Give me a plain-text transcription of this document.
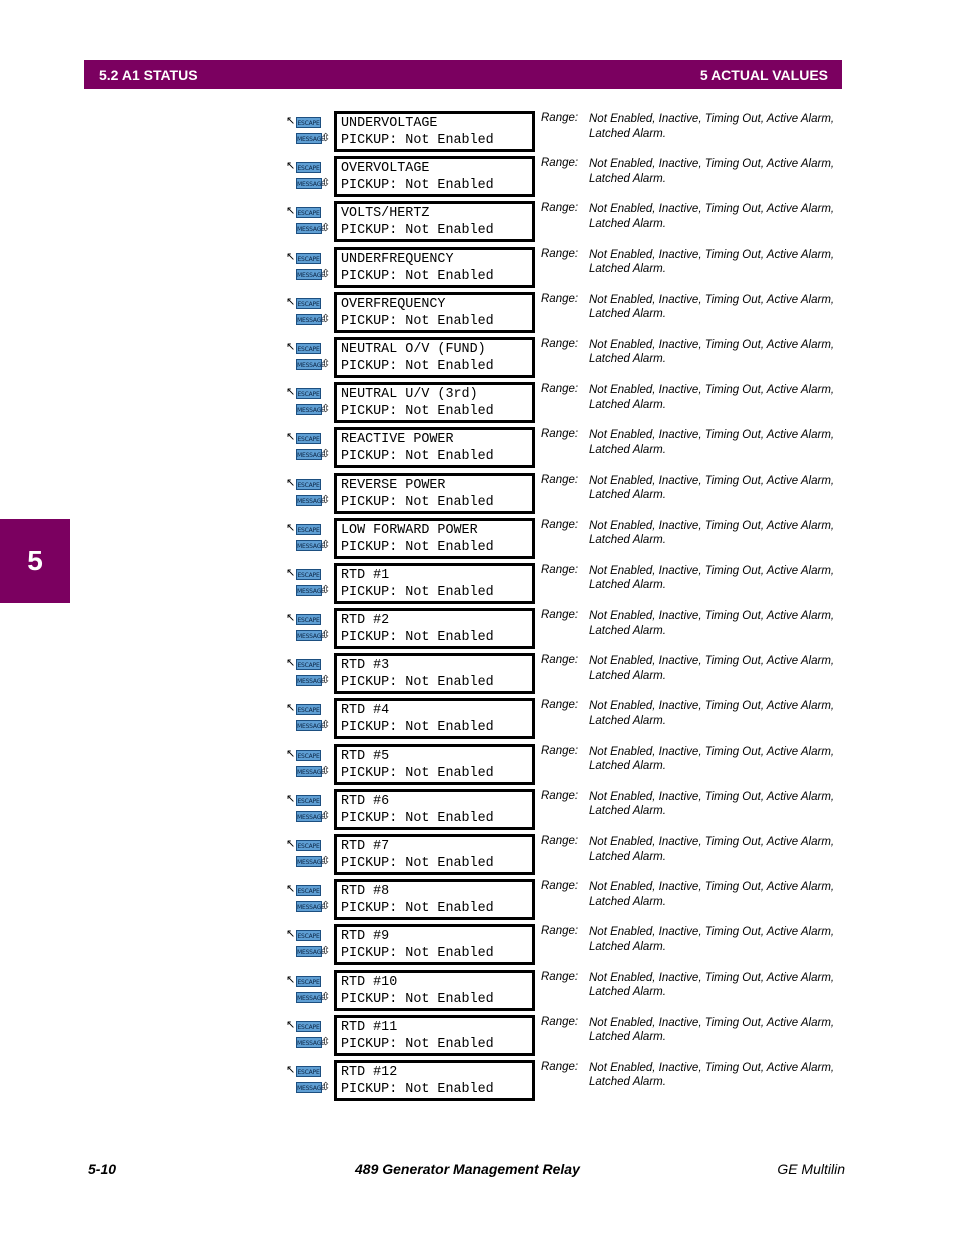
5.2 A1 STATUS	5 ACTUAL VALUES
5
↖ ESCAPE
MESSAGE
⇳
UNDERVOLTAGE
PICKUP: Not Enabled
Range: Not Enabled, Inactive, Timing Out, Active Alarm, Latched Alarm.
↖ ESCAPE
MESSAGE
⇳
OVERVOLTAGE
PICKUP: Not Enabled
Range: Not Enabled, Inactive, Timing Out, Active Alarm, Latched Alarm.
↖ ESCAPE
MESSAGE
⇳
VOLTS/HERTZ
PICKUP: Not Enabled
Range: Not Enabled, Inactive, Timing Out, Active Alarm, Latched Alarm.
↖ ESCAPE
MESSAGE
⇳
UNDERFREQUENCY
PICKUP: Not Enabled
Range: Not Enabled, Inactive, Timing Out, Active Alarm, Latched Alarm.
↖ ESCAPE
MESSAGE
⇳
OVERFREQUENCY
PICKUP: Not Enabled
Range: Not Enabled, Inactive, Timing Out, Active Alarm, Latched Alarm.
↖ ESCAPE
MESSAGE
⇳
NEUTRAL O/V (FUND)
PICKUP: Not Enabled
Range: Not Enabled, Inactive, Timing Out, Active Alarm, Latched Alarm.
↖ ESCAPE
MESSAGE
⇳
NEUTRAL U/V (3rd)
PICKUP: Not Enabled
Range: Not Enabled, Inactive, Timing Out, Active Alarm, Latched Alarm.
↖ ESCAPE
MESSAGE
⇳
REACTIVE POWER
PICKUP: Not Enabled
Range: Not Enabled, Inactive, Timing Out, Active Alarm, Latched Alarm.
↖ ESCAPE
MESSAGE
⇳
REVERSE POWER
PICKUP: Not Enabled
Range: Not Enabled, Inactive, Timing Out, Active Alarm, Latched Alarm.
↖ ESCAPE
MESSAGE
⇳
LOW FORWARD POWER
PICKUP: Not Enabled
Range: Not Enabled, Inactive, Timing Out, Active Alarm, Latched Alarm.
↖ ESCAPE
MESSAGE
⇳
RTD #1
PICKUP: Not Enabled
Range: Not Enabled, Inactive, Timing Out, Active Alarm, Latched Alarm.
↖ ESCAPE
MESSAGE
⇳
RTD #2
PICKUP: Not Enabled
Range: Not Enabled, Inactive, Timing Out, Active Alarm, Latched Alarm.
↖ ESCAPE
MESSAGE
⇳
RTD #3
PICKUP: Not Enabled
Range: Not Enabled, Inactive, Timing Out, Active Alarm, Latched Alarm.
↖ ESCAPE
MESSAGE
⇳
RTD #4
PICKUP: Not Enabled
Range: Not Enabled, Inactive, Timing Out, Active Alarm, Latched Alarm.
↖ ESCAPE
MESSAGE
⇳
RTD #5
PICKUP: Not Enabled
Range: Not Enabled, Inactive, Timing Out, Active Alarm, Latched Alarm.
↖ ESCAPE
MESSAGE
⇳
RTD #6
PICKUP: Not Enabled
Range: Not Enabled, Inactive, Timing Out, Active Alarm, Latched Alarm.
↖ ESCAPE
MESSAGE
⇳
RTD #7
PICKUP: Not Enabled
Range: Not Enabled, Inactive, Timing Out, Active Alarm, Latched Alarm.
↖ ESCAPE
MESSAGE
⇳
RTD #8
PICKUP: Not Enabled
Range: Not Enabled, Inactive, Timing Out, Active Alarm, Latched Alarm.
↖ ESCAPE
MESSAGE
⇳
RTD #9
PICKUP: Not Enabled
Range: Not Enabled, Inactive, Timing Out, Active Alarm, Latched Alarm.
↖ ESCAPE
MESSAGE
⇳
RTD #10
PICKUP: Not Enabled
Range: Not Enabled, Inactive, Timing Out, Active Alarm, Latched Alarm.
↖ ESCAPE
MESSAGE
⇳
RTD #11
PICKUP: Not Enabled
Range: Not Enabled, Inactive, Timing Out, Active Alarm, Latched Alarm.
↖ ESCAPE
MESSAGE
⇳
RTD #12
PICKUP: Not Enabled
Range: Not Enabled, Inactive, Timing Out, Active Alarm, Latched Alarm.
5-10	489 Generator Management Relay	GE Multilin
